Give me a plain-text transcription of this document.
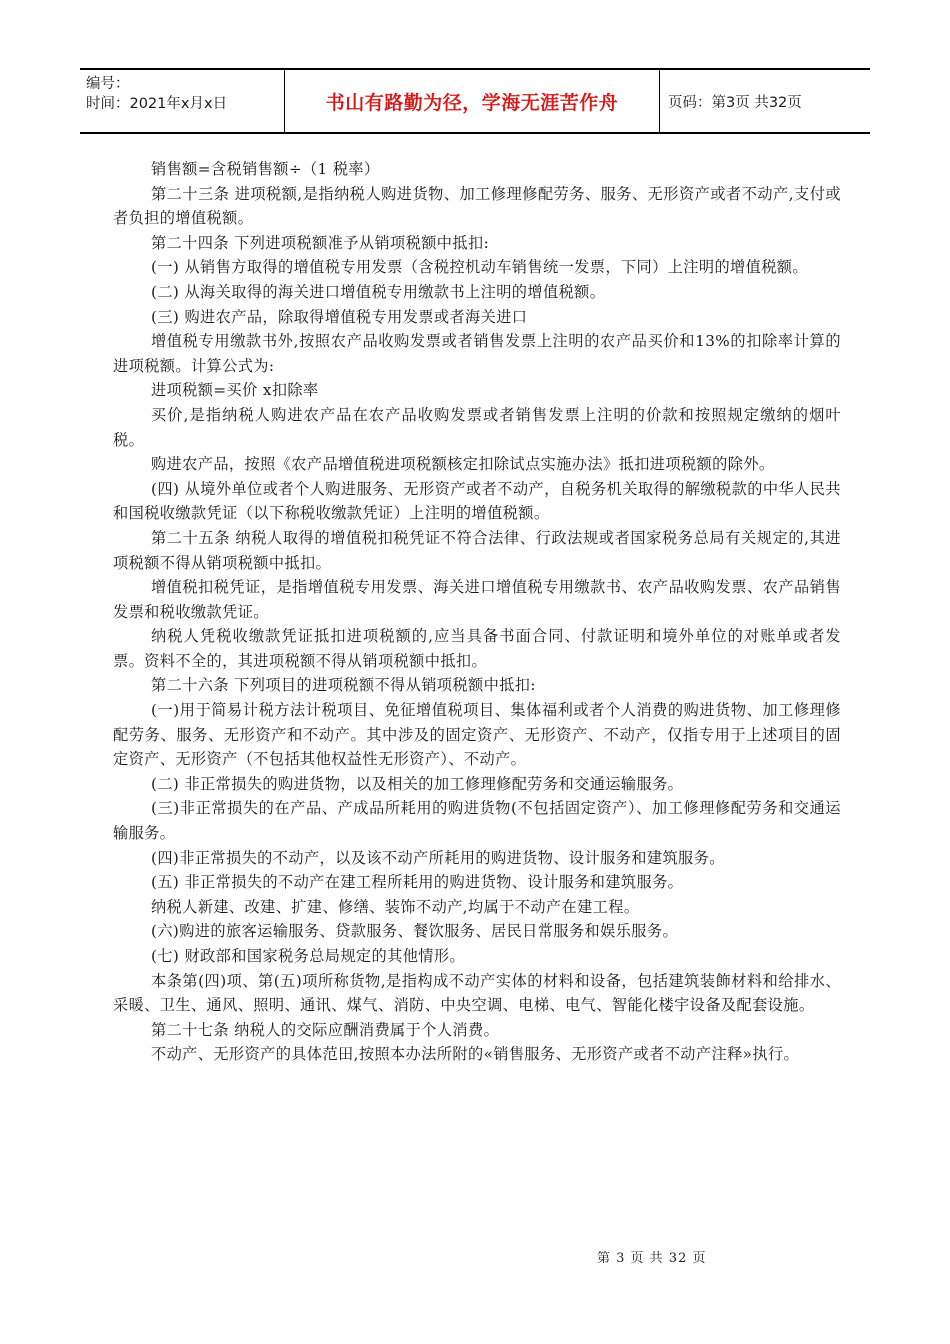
编号：
时间：2021年x月x日	书山有路勤为径，学海无涯苦作舟	页码：第3页 共32页

销售额=含税销售额÷（1 税率）

第二十三条 进项税额,是指纳税人购进货物、加工修理修配劳务、服务、无形资产或者不动产,支付或者负担的增值税额。

第二十四条 下列进项税额准予从销项税额中抵扣:

(一) 从销售方取得的增值税专用发票（含税控机动车销售统一发票，下同）上注明的增值税额。

(二) 从海关取得的海关进口增值税专用缴款书上注明的增值税额。

(三) 购进农产品，除取得增值税专用发票或者海关进口

增值税专用缴款书外,按照农产品收购发票或者销售发票上注明的农产品买价和13%的扣除率计算的进项税额。计算公式为:

进项税额=买价 x扣除率

买价,是指纳税人购进农产品在农产品收购发票或者销售发票上注明的价款和按照规定缴纳的烟叶税。

购进农产品，按照《农产品增值税进项税额核定扣除试点实施办法》抵扣进项税额的除外。

(四) 从境外单位或者个人购进服务、无形资产或者不动产，自税务机关取得的解缴税款的中华人民共和国税收缴款凭证（以下称税收缴款凭证）上注明的增值税额。

第二十五条 纳税人取得的增值税扣税凭证不符合法律、行政法规或者国家税务总局有关规定的,其进项税额不得从销项税额中抵扣。

增值税扣税凭证，是指增值税专用发票、海关进口增值税专用缴款书、农产品收购发票、农产品销售发票和税收缴款凭证。

纳税人凭税收缴款凭证抵扣进项税额的,应当具备书面合同、付款证明和境外单位的对账单或者发票。资料不全的，其进项税额不得从销项税额中抵扣。

第二十六条 下列项目的进项税额不得从销项税额中抵扣:

(一)用于简易计税方法计税项目、免征增值税项目、集体福利或者个人消费的购进货物、加工修理修配劳务、服务、无形资产和不动产。其中涉及的固定资产、无形资产、不动产，仅指专用于上述项目的固定资产、无形资产（不包括其他权益性无形资产）、不动产。

(二) 非正常损失的购进货物，以及相关的加工修理修配劳务和交通运输服务。

(三)非正常损失的在产品、产成品所耗用的购进货物(不包括固定资产）、加工修理修配劳务和交通运输服务。

(四)非正常损失的不动产，以及该不动产所耗用的购进货物、设计服务和建筑服务。

(五) 非正常损失的不动产在建工程所耗用的购进货物、设计服务和建筑服务。

纳税人新建、改建、扩建、修缮、装饰不动产,均属于不动产在建工程。

(六)购进的旅客运输服务、贷款服务、餐饮服务、居民日常服务和娱乐服务。

(七) 财政部和国家税务总局规定的其他情形。

本条第(四)项、第(五)项所称货物,是指构成不动产实体的材料和设备，包括建筑装飾材料和给排水、采暖、卫生、通风、照明、通讯、煤气、消防、中央空调、电梯、电气、智能化楼宇设备及配套设施。

第二十七条 纳税人的交际应酬消费属于个人消费。

不动产、无形资产的具体范田,按照本办法所附的«销售服务、无形资产或者不动产注释»执行。

第 3 页 共 32 页
